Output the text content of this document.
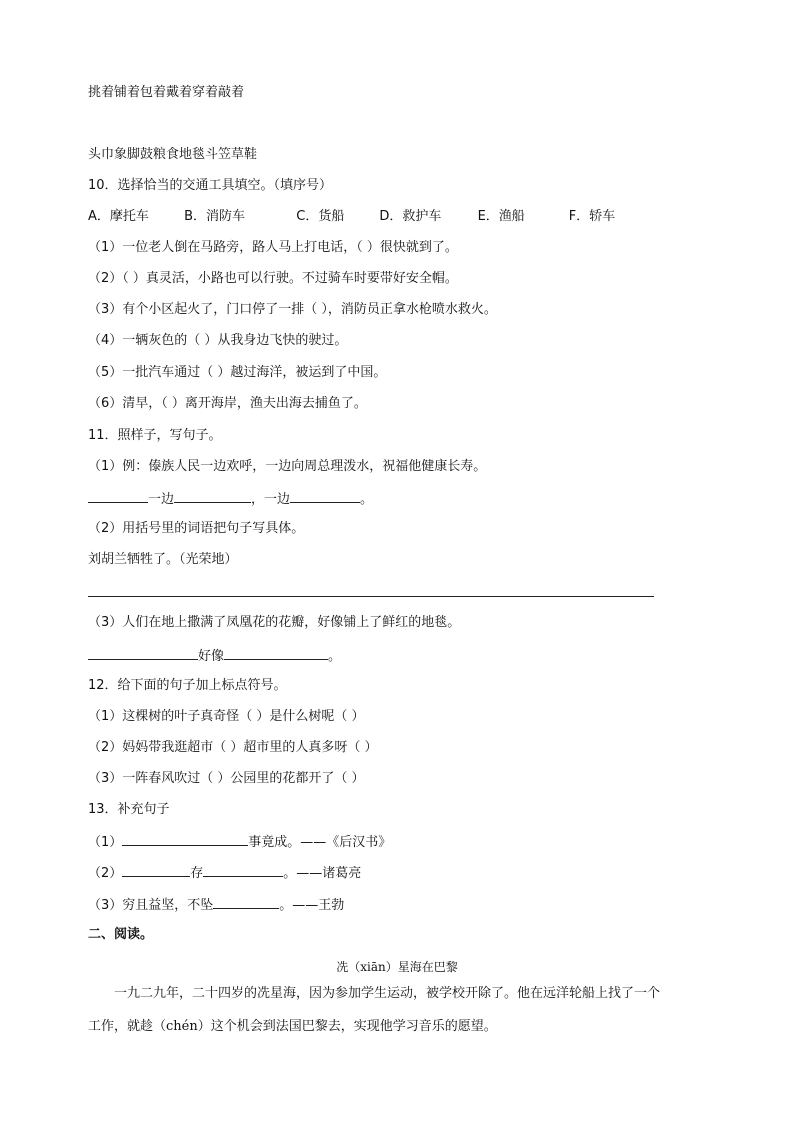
挑着铺着包着戴着穿着敲着
头巾象脚鼓粮食地毯斗笠草鞋
10．选择恰当的交通工具填空。（填序号）
A．摩托车	B．消防车	C．货船	D．救护车	E．渔船	F．轿车
（1）一位老人倒在马路旁，路人马上打电话，（ ）很快就到了。
（2）（ ）真灵活，小路也可以行驶。不过骑车时要带好安全帽。
（3）有个小区起火了，门口停了一排（ ），消防员正拿水枪喷水救火。
（4）一辆灰色的（ ）从我身边飞快的驶过。
（5）一批汽车通过（ ）越过海洋，被运到了中国。
（6）清早，（ ）离开海岸，渔夫出海去捕鱼了。
11．照样子，写句子。
（1）例：傣族人民一边欢呼，一边向周总理泼水，祝福他健康长寿。
一边	，一边	。
（2）用括号里的词语把句子写具体。
刘胡兰牺牲了。（光荣地）
（3）人们在地上撒满了凤凰花的花瓣，好像铺上了鲜红的地毯。
好像	。
12．给下面的句子加上标点符号。
（1）这棵树的叶子真奇怪（ ）是什么树呢（ ）
（2）妈妈带我逛超市（ ）超市里的人真多呀（ ）
（3）一阵春风吹过（ ）公园里的花都开了（ ）
13．补充句子
（1）	事竟成。——《后汉书》
（2）	存	。——诸葛亮
（3）穷且益坚，不坠	。——王勃
二、阅读。
冼（xiān）星海在巴黎
一九二九年，二十四岁的冼星海，因为参加学生运动，被学校开除了。他在远洋轮船上找了一个
工作，就趁（chén）这个机会到法国巴黎去，实现他学习音乐的愿望。
